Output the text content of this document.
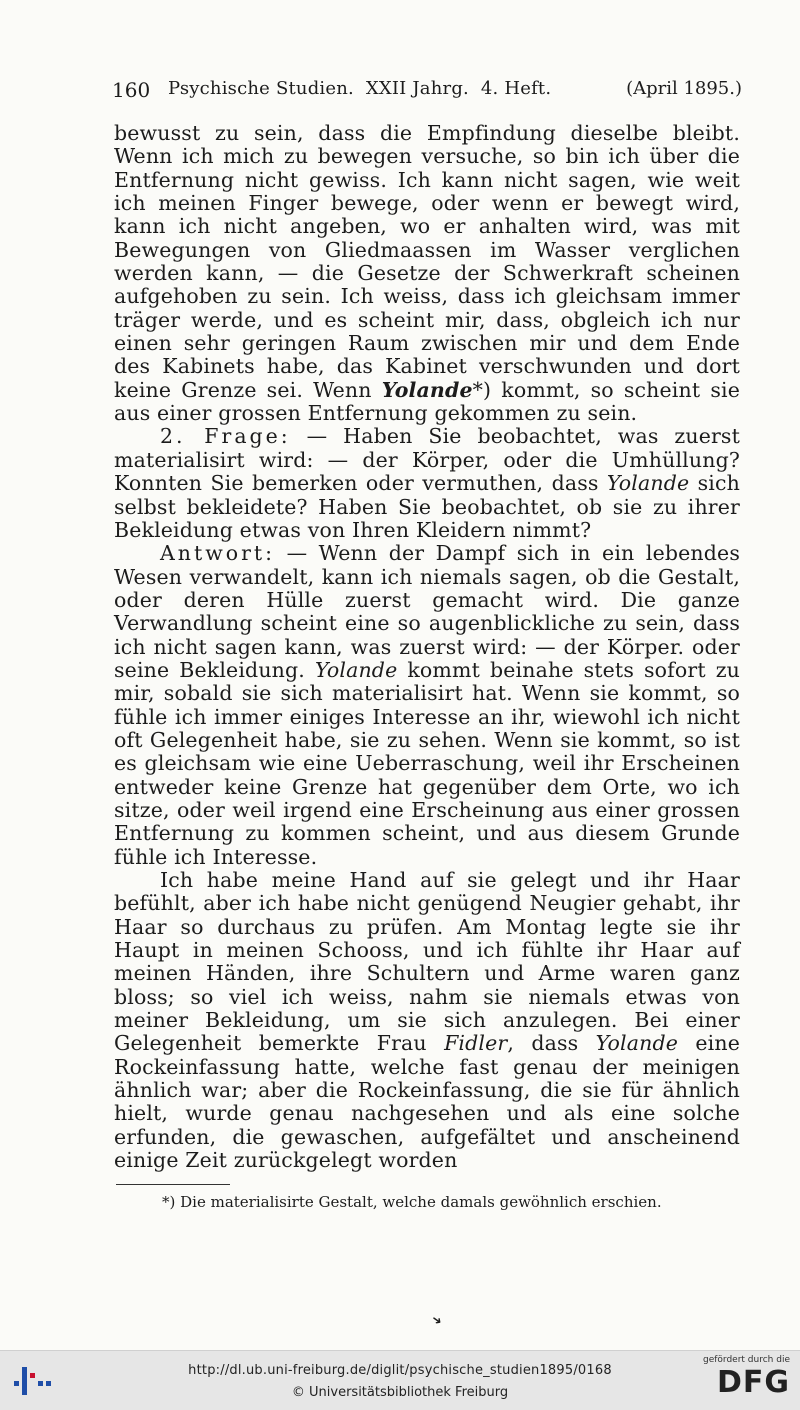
160 Psychische Studien. XXII Jahrg. 4. Heft.	(April 1895.)

bewusst zu sein, dass die Empfindung dieselbe bleibt. Wenn ich mich zu bewegen versuche, so bin ich über die Entfernung nicht gewiss. Ich kann nicht sagen, wie weit ich meinen Finger bewege, oder wenn er bewegt wird, kann ich nicht angeben, wo er anhalten wird, was mit Bewegungen von Gliedmaassen im Wasser verglichen werden kann, — die Gesetze der Schwerkraft scheinen aufgehoben zu sein. Ich weiss, dass ich gleichsam immer träger werde, und es scheint mir, dass, obgleich ich nur einen sehr geringen Raum zwischen mir und dem Ende des Kabinets habe, das Kabinet verschwunden und dort keine Grenze sei. Wenn Yolande*) kommt, so scheint sie aus einer grossen Entfernung gekommen zu sein.

2. Frage: — Haben Sie beobachtet, was zuerst materialisirt wird: — der Körper, oder die Umhüllung? Konnten Sie bemerken oder vermuthen, dass Yolande sich selbst bekleidete? Haben Sie beobachtet, ob sie zu ihrer Bekleidung etwas von Ihren Kleidern nimmt?

Antwort: — Wenn der Dampf sich in ein lebendes Wesen verwandelt, kann ich niemals sagen, ob die Gestalt, oder deren Hülle zuerst gemacht wird. Die ganze Verwandlung scheint eine so augenblickliche zu sein, dass ich nicht sagen kann, was zuerst wird: — der Körper. oder seine Bekleidung. Yolande kommt beinahe stets sofort zu mir, sobald sie sich materialisirt hat. Wenn sie kommt, so fühle ich immer einiges Interesse an ihr, wiewohl ich nicht oft Gelegenheit habe, sie zu sehen. Wenn sie kommt, so ist es gleichsam wie eine Ueberraschung, weil ihr Erscheinen entweder keine Grenze hat gegenüber dem Orte, wo ich sitze, oder weil irgend eine Erscheinung aus einer grossen Entfernung zu kommen scheint, und aus diesem Grunde fühle ich Interesse.

Ich habe meine Hand auf sie gelegt und ihr Haar befühlt, aber ich habe nicht genügend Neugier gehabt, ihr Haar so durchaus zu prüfen. Am Montag legte sie ihr Haupt in meinen Schooss, und ich fühlte ihr Haar auf meinen Händen, ihre Schultern und Arme waren ganz bloss; so viel ich weiss, nahm sie niemals etwas von meiner Bekleidung, um sie sich anzulegen. Bei einer Gelegenheit bemerkte Frau Fidler, dass Yolande eine Rockeinfassung hatte, welche fast genau der meinigen ähnlich war; aber die Rockeinfassung, die sie für ähnlich hielt, wurde genau nachgesehen und als eine solche erfunden, die gewaschen, aufgefältet und anscheinend einige Zeit zurückgelegt worden

*) Die materialisirte Gestalt, welche damals gewöhnlich erschien.
➜
http://dl.ub.uni-freiburg.de/diglit/psychische_studien1895/0168
© Universitätsbibliothek Freiburg
gefördert durch die
DFG
